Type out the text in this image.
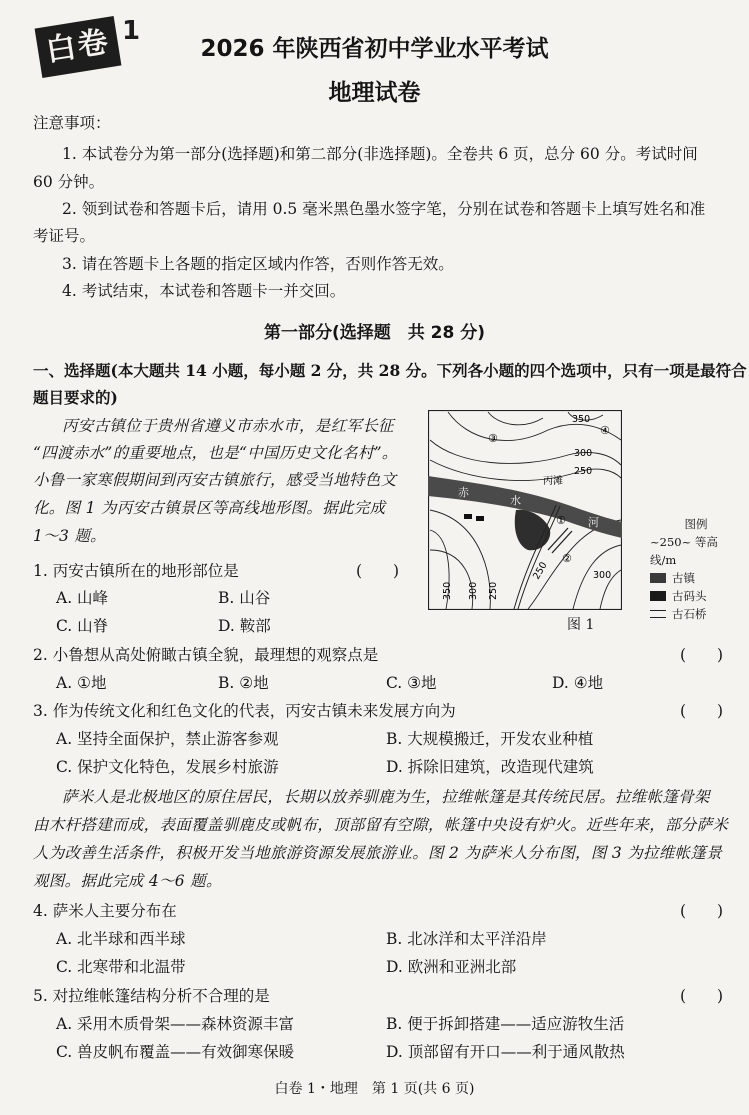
白卷 1
2026 年陕西省初中学业水平考试
地理试卷
注意事项：
1. 本试卷分为第一部分(选择题)和第二部分(非选择题)。全卷共 6 页，总分 60 分。考试时间
60 分钟。
2. 领到试卷和答题卡后，请用 0.5 毫米黑色墨水签字笔，分别在试卷和答题卡上填写姓名和准
考证号。
3. 请在答题卡上各题的指定区域内作答，否则作答无效。
4. 考试结束，本试卷和答题卡一并交回。
第一部分(选择题　共 28 分)
一、选择题(本大题共 14 小题，每小题 2 分，共 28 分。下列各小题的四个选项中，只有一项是最符合
题目要求的)
丙安古镇位于贵州省遵义市赤水市，是红军长征
“四渡赤水”的重要地点，也是“中国历史文化名村”。
小鲁一家寒假期间到丙安古镇旅行，感受当地特色文
化。图 1 为丙安古镇景区等高线地形图。据此完成
1～3 题。
赤
水
河
丙滩
350
300
250
250	300
350 300 250
①
②
③
④
图 1
图例
~250~ 等高线/m
古镇
古码头
古石桥
1. 丙安古镇所在的地形部位是	(　　)
A. 山峰	B. 山谷
C. 山脊	D. 鞍部
2. 小鲁想从高处俯瞰古镇全貌，最理想的观察点是	(　　)
A. ①地	B. ②地	C. ③地	D. ④地
3. 作为传统文化和红色文化的代表，丙安古镇未来发展方向为	(　　)
A. 坚持全面保护，禁止游客参观	B. 大规模搬迁，开发农业种植
C. 保护文化特色，发展乡村旅游	D. 拆除旧建筑，改造现代建筑
萨米人是北极地区的原住居民，长期以放养驯鹿为生，拉维帐篷是其传统民居。拉维帐篷骨架
由木杆搭建而成，表面覆盖驯鹿皮或帆布，顶部留有空隙，帐篷中央设有炉火。近些年来，部分萨米
人为改善生活条件，积极开发当地旅游资源发展旅游业。图 2 为萨米人分布图，图 3 为拉维帐篷景
观图。据此完成 4～6 题。
4. 萨米人主要分布在	(　　)
A. 北半球和西半球	B. 北冰洋和太平洋沿岸
C. 北寒带和北温带	D. 欧洲和亚洲北部
5. 对拉维帐篷结构分析不合理的是	(　　)
A. 采用木质骨架——森林资源丰富	B. 便于拆卸搭建——适应游牧生活
C. 兽皮帆布覆盖——有效御寒保暖	D. 顶部留有开口——利于通风散热
白卷 1・地理　第 1 页(共 6 页)
